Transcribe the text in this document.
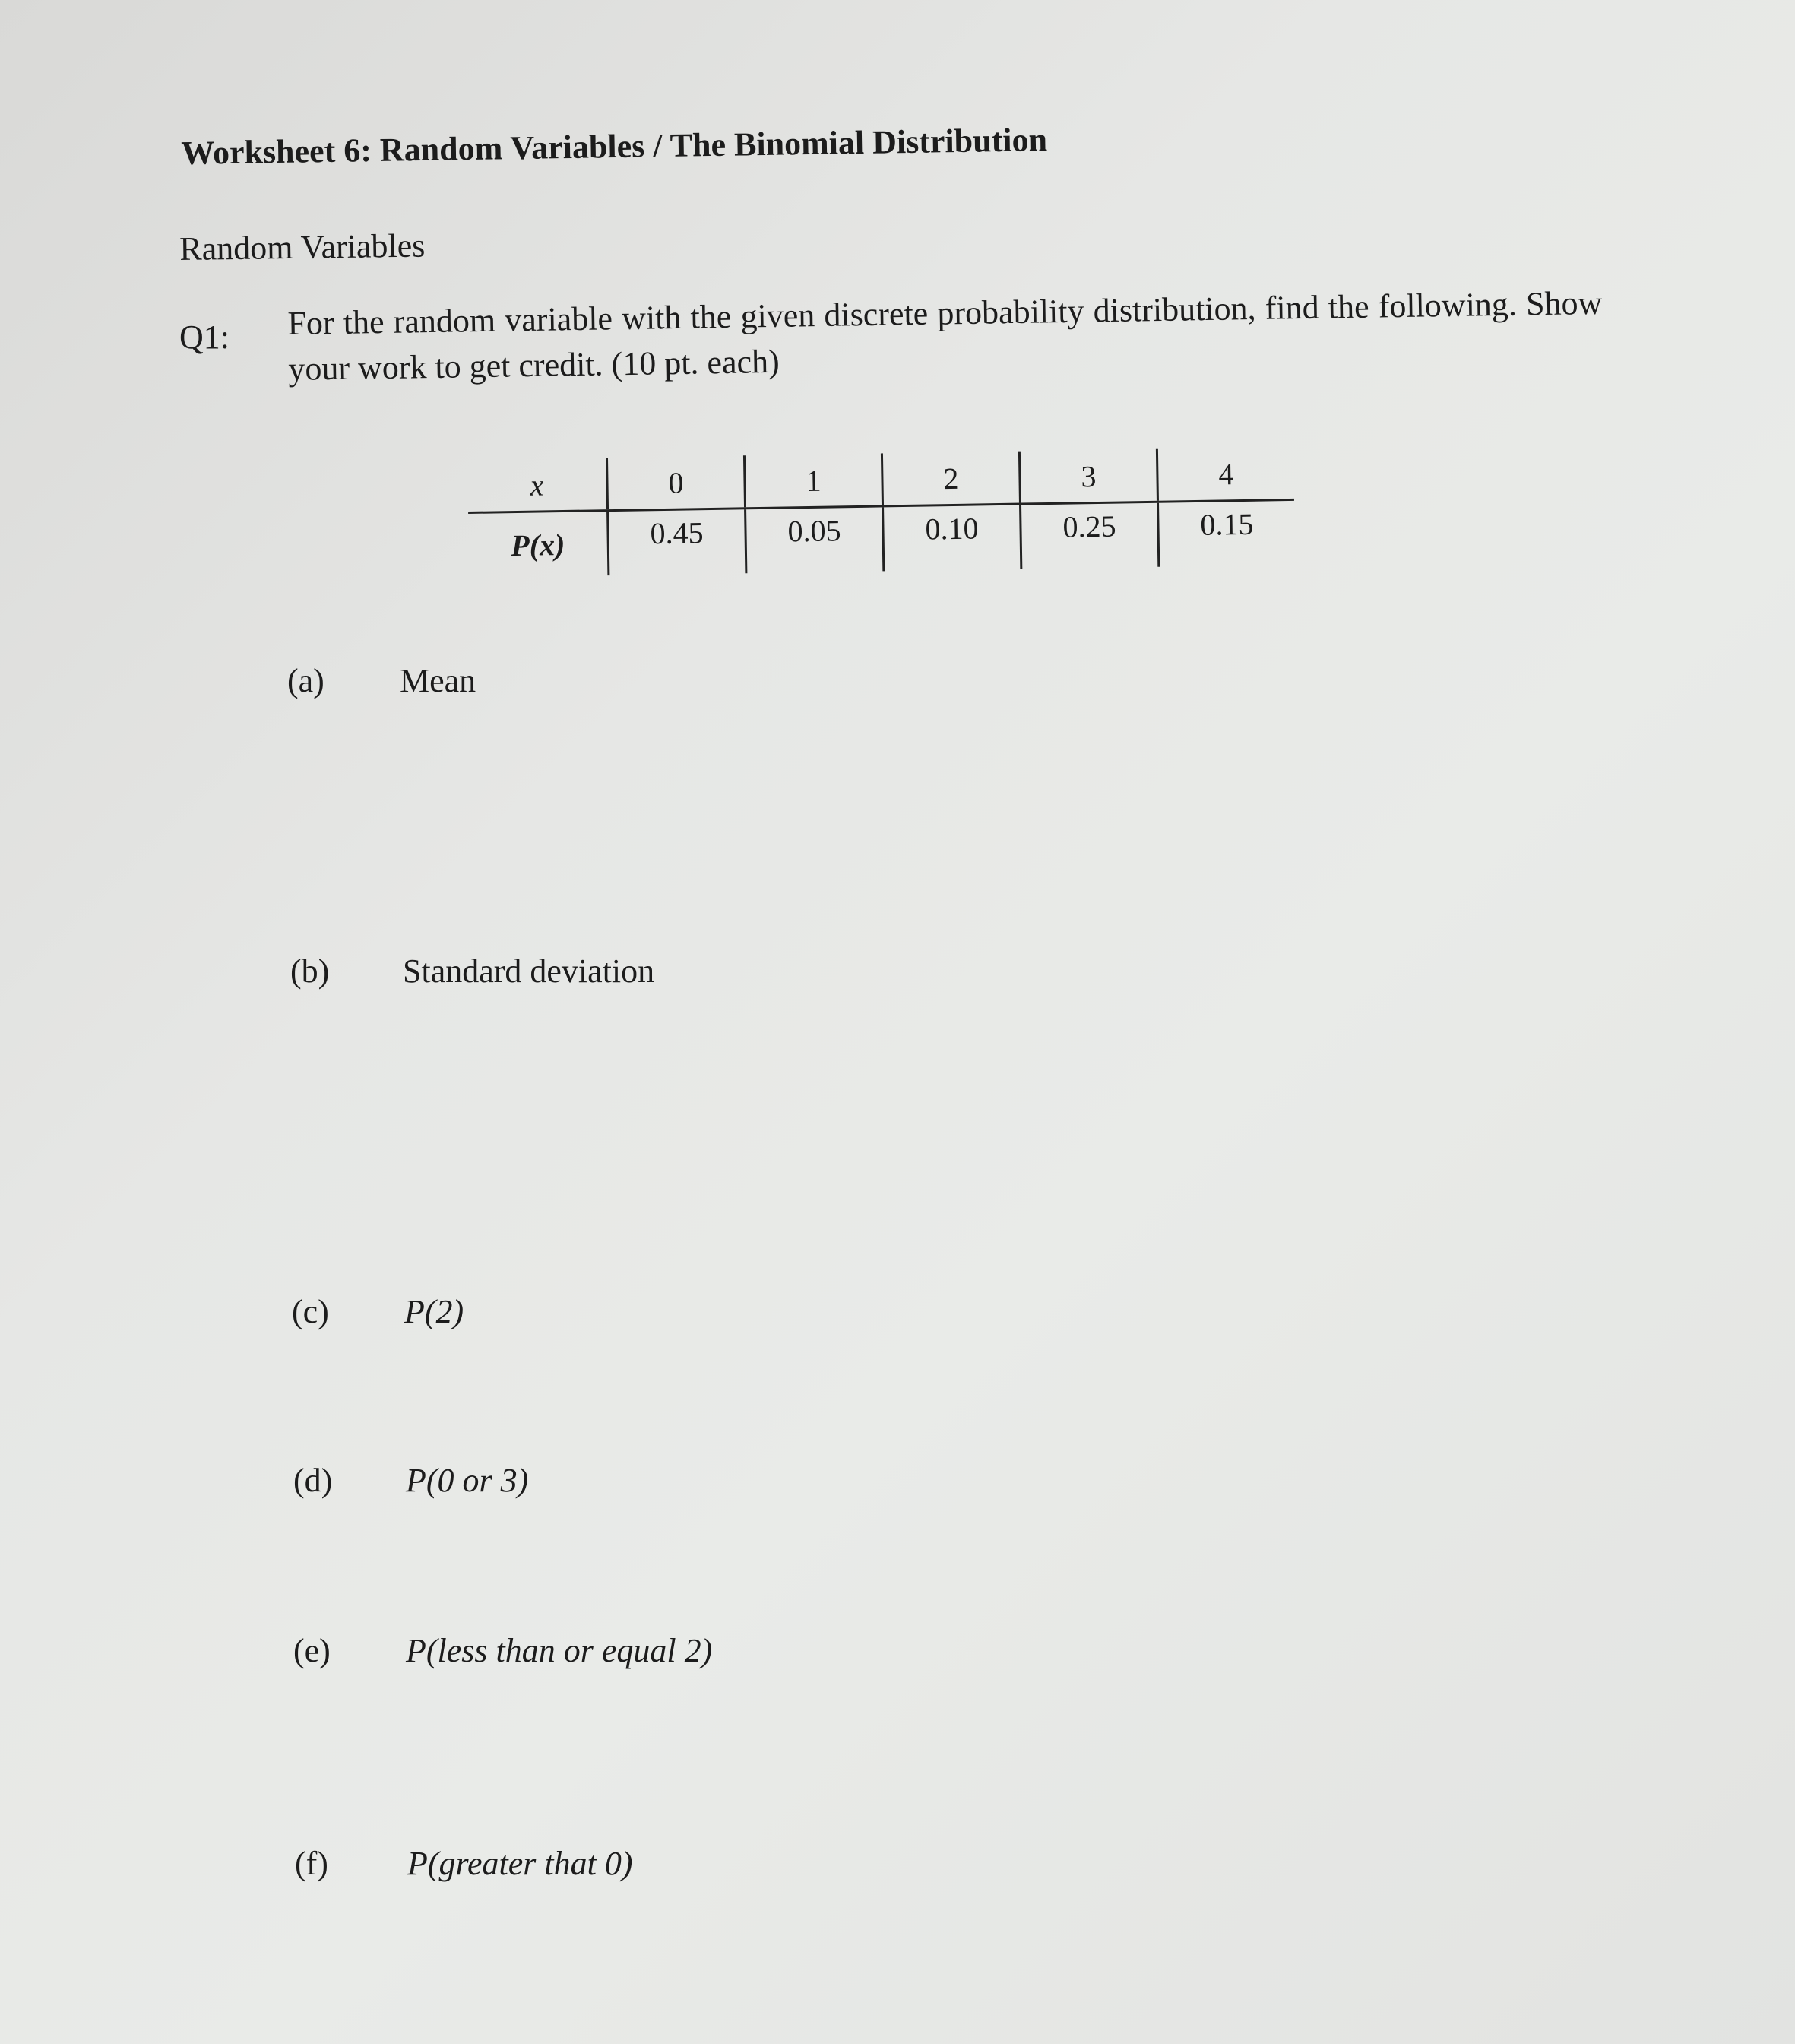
Worksheet 6: Random Variables / The Binomial Distribution
Random Variables
Q1: For the random variable with the given discrete probability distribution, find the following. Show your work to get credit. (10 pt. each)
x	0	1	2	3	4
P(x)	0.45	0.05	0.10	0.25	0.15
(a) Mean
(b) Standard deviation
(c) P(2)
(d) P(0 or 3)
(e) P(less than or equal 2)
(f) P(greater that 0)
